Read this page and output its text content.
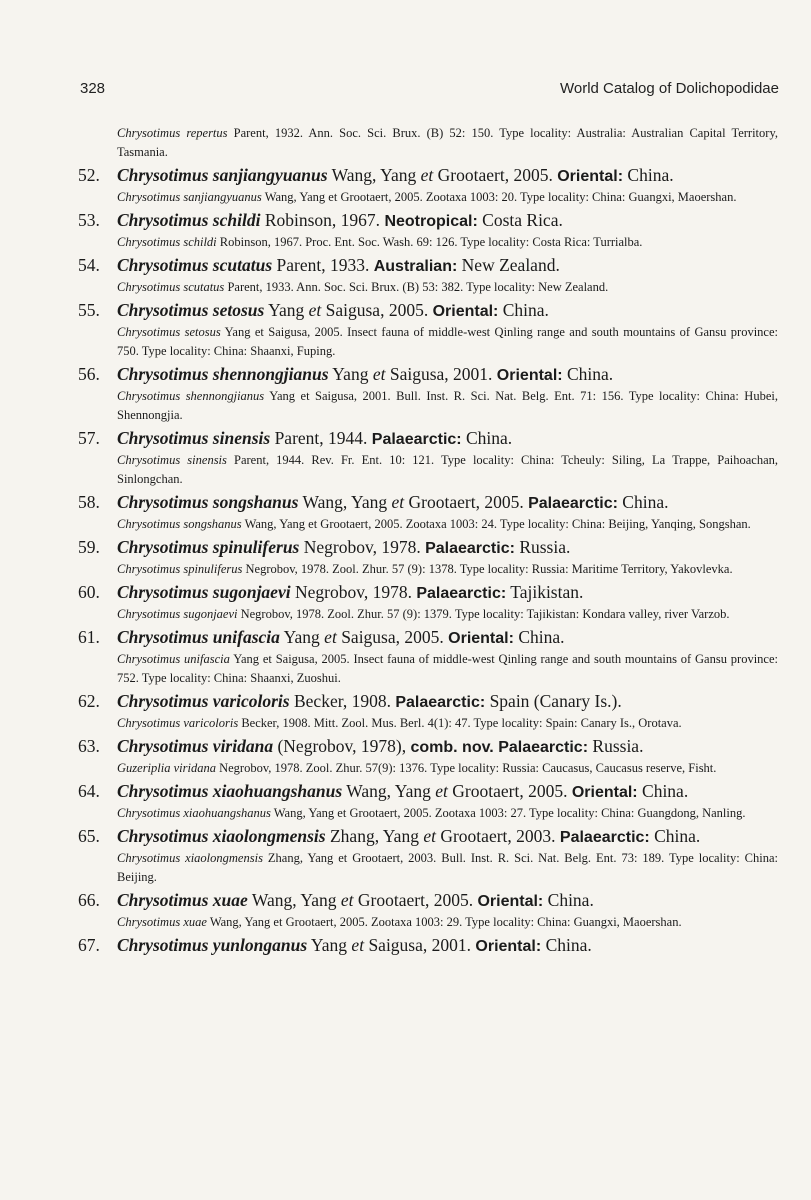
328	World Catalog of Dolichopodidae
Chrysotimus repertus Parent, 1932. Ann. Soc. Sci. Brux. (B) 52: 150. Type locality: Australia: Australian Capital Territory, Tasmania.
52. Chrysotimus sanjiangyuanus Wang, Yang et Grootaert, 2005. Oriental: China.
Chrysotimus sanjiangyuanus Wang, Yang et Grootaert, 2005. Zootaxa 1003: 20. Type locality: China: Guangxi, Maoershan.
53. Chrysotimus schildi Robinson, 1967. Neotropical: Costa Rica.
Chrysotimus schildi Robinson, 1967. Proc. Ent. Soc. Wash. 69: 126. Type locality: Costa Rica: Turrialba.
54. Chrysotimus scutatus Parent, 1933. Australian: New Zealand.
Chrysotimus scutatus Parent, 1933. Ann. Soc. Sci. Brux. (B) 53: 382. Type locality: New Zealand.
55. Chrysotimus setosus Yang et Saigusa, 2005. Oriental: China.
Chrysotimus setosus Yang et Saigusa, 2005. Insect fauna of middle-west Qinling range and south mountains of Gansu province: 750. Type locality: China: Shaanxi, Fuping.
56. Chrysotimus shennongjianus Yang et Saigusa, 2001. Oriental: China.
Chrysotimus shennongjianus Yang et Saigusa, 2001. Bull. Inst. R. Sci. Nat. Belg. Ent. 71: 156. Type locality: China: Hubei, Shennongjia.
57. Chrysotimus sinensis Parent, 1944. Palaearctic: China.
Chrysotimus sinensis Parent, 1944. Rev. Fr. Ent. 10: 121. Type locality: China: Tcheuly: Siling, La Trappe, Paihoachan, Sinlongchan.
58. Chrysotimus songshanus Wang, Yang et Grootaert, 2005. Palaearctic: China.
Chrysotimus songshanus Wang, Yang et Grootaert, 2005. Zootaxa 1003: 24. Type locality: China: Beijing, Yanqing, Songshan.
59. Chrysotimus spinuliferus Negrobov, 1978. Palaearctic: Russia.
Chrysotimus spinuliferus Negrobov, 1978. Zool. Zhur. 57 (9): 1378. Type locality: Russia: Maritime Territory, Yakovlevka.
60. Chrysotimus sugonjaevi Negrobov, 1978. Palaearctic: Tajikistan.
Chrysotimus sugonjaevi Negrobov, 1978. Zool. Zhur. 57 (9): 1379. Type locality: Tajikistan: Kondara valley, river Varzob.
61. Chrysotimus unifascia Yang et Saigusa, 2005. Oriental: China.
Chrysotimus unifascia Yang et Saigusa, 2005. Insect fauna of middle-west Qinling range and south mountains of Gansu province: 752. Type locality: China: Shaanxi, Zuoshui.
62. Chrysotimus varicoloris Becker, 1908. Palaearctic: Spain (Canary Is.).
Chrysotimus varicoloris Becker, 1908. Mitt. Zool. Mus. Berl. 4(1): 47. Type locality: Spain: Canary Is., Orotava.
63. Chrysotimus viridana (Negrobov, 1978), comb. nov. Palaearctic: Russia.
Guzeriplia viridana Negrobov, 1978. Zool. Zhur. 57(9): 1376. Type locality: Russia: Caucasus, Caucasus reserve, Fisht.
64. Chrysotimus xiaohuangshanus Wang, Yang et Grootaert, 2005. Oriental: China.
Chrysotimus xiaohuangshanus Wang, Yang et Grootaert, 2005. Zootaxa 1003: 27. Type locality: China: Guangdong, Nanling.
65. Chrysotimus xiaolongmensis Zhang, Yang et Grootaert, 2003. Palaearctic: China.
Chrysotimus xiaolongmensis Zhang, Yang et Grootaert, 2003. Bull. Inst. R. Sci. Nat. Belg. Ent. 73: 189. Type locality: China: Beijing.
66. Chrysotimus xuae Wang, Yang et Grootaert, 2005. Oriental: China.
Chrysotimus xuae Wang, Yang et Grootaert, 2005. Zootaxa 1003: 29. Type locality: China: Guangxi, Maoershan.
67. Chrysotimus yunlonganus Yang et Saigusa, 2001. Oriental: China.
